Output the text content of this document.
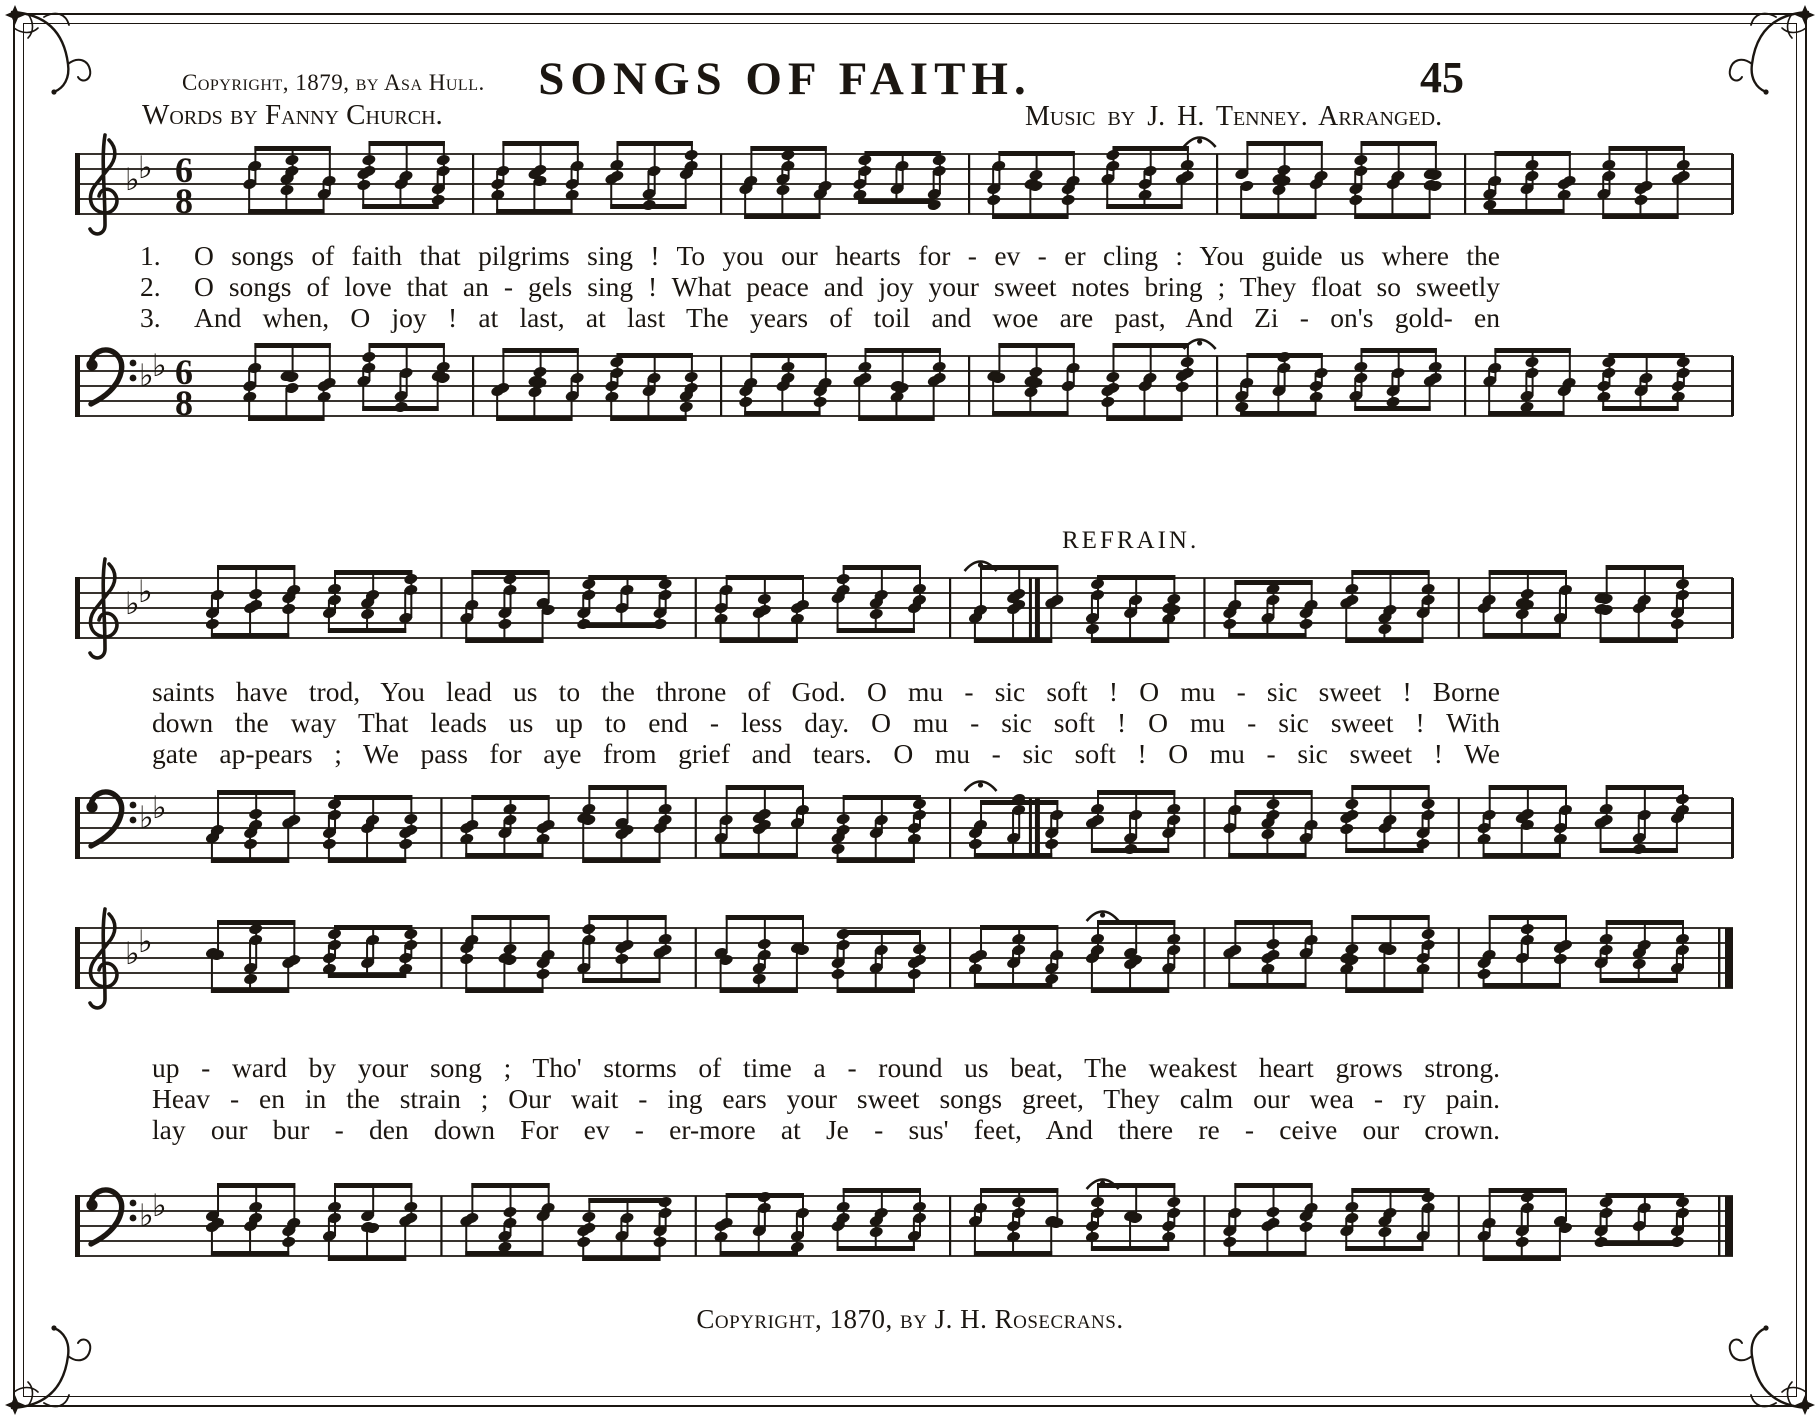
Copyright, 1879, by Asa Hull.	SONGS OF FAITH.	45
Words by Fanny Church.	Music by J. H. Tenney. Arranged.
♭
♭ 6
8
1.	O songs of faith that pilgrims sing ! To you our hearts for - ev - er cling : You guide us where the
2.	O songs of love that an - gels sing ! What peace and joy your sweet notes bring ; They float so sweetly
3.	And when, O joy ! at last, at last The years of toil and woe are past, And Zi - on's gold- en
♭
♭ 6
8
REFRAIN.
♭
♭
saints have trod, You lead us to the throne of God. O mu - sic soft ! O mu - sic sweet ! Borne
down the way That leads us up to end - less day. O mu - sic soft ! O mu - sic sweet ! With
gate ap-pears ; We pass for aye from grief and tears. O mu - sic soft ! O mu - sic sweet ! We
♭
♭
♭
♭
up - ward by your song ; Tho' storms of time a - round us beat, The weakest heart grows strong.
Heav - en in the strain ; Our wait - ing ears your sweet songs greet, They calm our wea - ry pain.
lay our bur - den down For ev - er-more at Je - sus' feet, And there re - ceive our crown.
♭
♭
Copyright, 1870, by J. H. Rosecrans.
